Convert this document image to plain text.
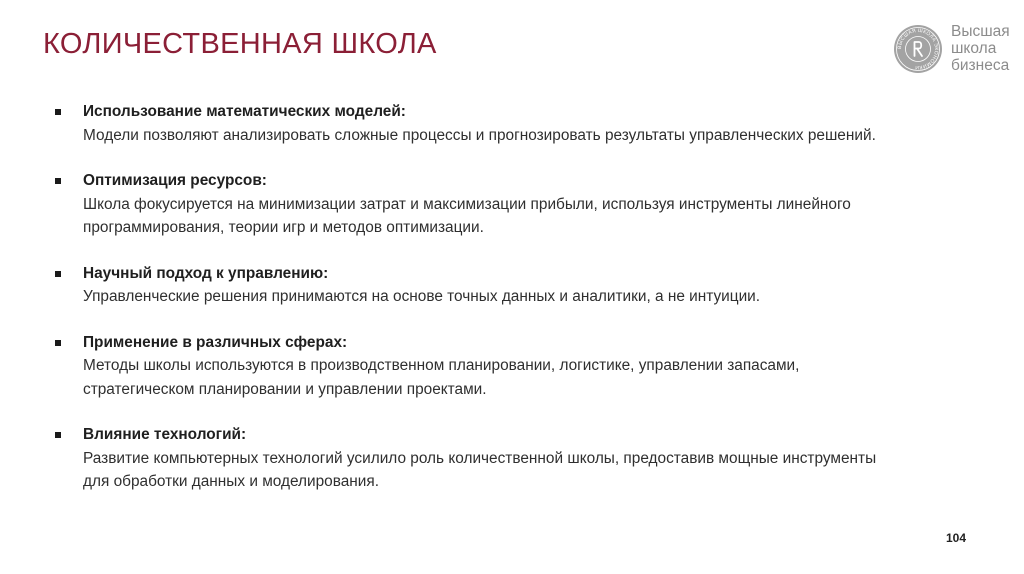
КОЛИЧЕСТВЕННАЯ ШКОЛА	ВЫСШАЯ ШКОЛА ЭКОНОМИКИ
Высшая
школа
бизнеса
Использование математических моделей:
Модели позволяют анализировать сложные процессы и прогнозировать результаты управленческих решений.
Оптимизация ресурсов:
Школа фокусируется на минимизации затрат и максимизации прибыли, используя инструменты линейного программирования, теории игр и методов оптимизации.
Научный подход к управлению:
Управленческие решения принимаются на основе точных данных и аналитики, а не интуиции.
Применение в различных сферах:
Методы школы используются в производственном планировании, логистике, управлении запасами, стратегическом планировании и управлении проектами.
Влияние технологий:
Развитие компьютерных технологий усилило роль количественной школы, предоставив мощные инструменты для обработки данных и моделирования.
104
